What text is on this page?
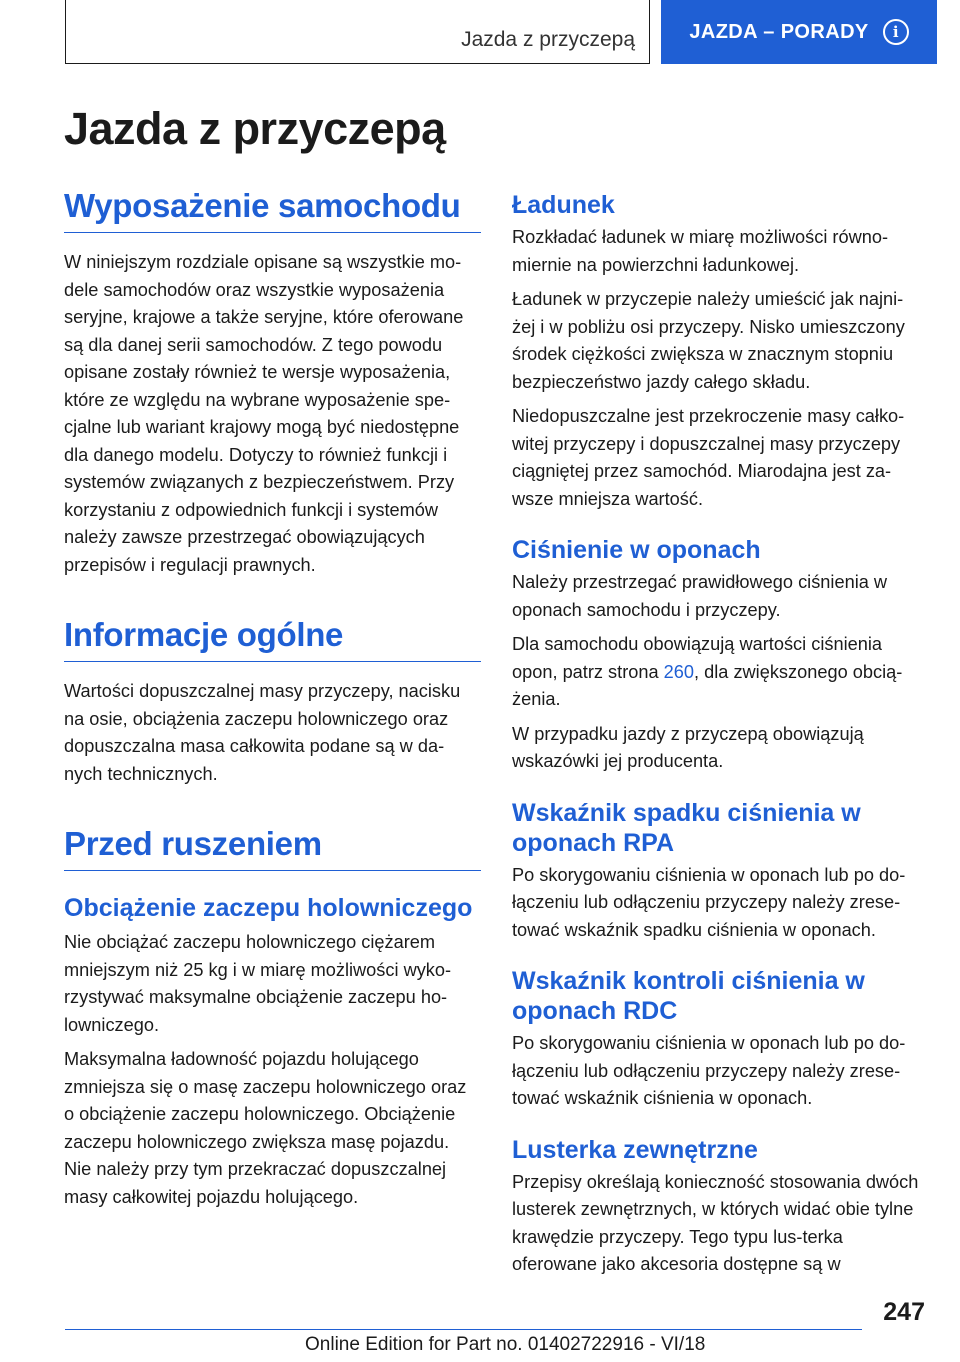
Jazda z przyczepą	JAZDA – PORADY	i
Jazda z przyczepą
Wyposażenie samochodu

W niniejszym rozdziale opisane są wszystkie mo-dele samochodów oraz wszystkie wyposażenia seryjne, krajowe a także seryjne, które oferowane są dla danej serii samochodów. Z tego powodu opisane zostały również te wersje wyposażenia, które ze względu na wybrane wyposażenie spe-cjalne lub wariant krajowy mogą być niedostępne dla danego modelu. Dotyczy to również funkcji i systemów związanych z bezpieczeństwem. Przy korzystaniu z odpowiednich funkcji i systemów należy zawsze przestrzegać obowiązujących przepisów i regulacji prawnych.

Informacje ogólne

Wartości dopuszczalnej masy przyczepy, nacisku na osie, obciążenia zaczepu holowniczego oraz dopuszczalna masa całkowita podane są w da-nych technicznych.

Przed ruszeniem
Obciążenie zaczepu holowniczego

Nie obciążać zaczepu holowniczego ciężarem mniejszym niż 25 kg i w miarę możliwości wyko-rzystywać maksymalne obciążenie zaczepu ho-lowniczego.

Maksymalna ładowność pojazdu holującego zmniejsza się o masę zaczepu holowniczego oraz o obciążenie zaczepu holowniczego. Obciążenie zaczepu holowniczego zwiększa masę pojazdu. Nie należy przy tym przekraczać dopuszczalnej masy całkowitej pojazdu holującego.

Ładunek

Rozkładać ładunek w miarę możliwości równo-miernie na powierzchni ładunkowej.

Ładunek w przyczepie należy umieścić jak najni-żej i w pobliżu osi przyczepy. Nisko umieszczony środek ciężkości zwiększa w znacznym stopniu bezpieczeństwo jazdy całego składu.

Niedopuszczalne jest przekroczenie masy całko-witej przyczepy i dopuszczalnej masy przyczepy ciągniętej przez samochód. Miarodajna jest za-wsze mniejsza wartość.

Ciśnienie w oponach

Należy przestrzegać prawidłowego ciśnienia w oponach samochodu i przyczepy.

Dla samochodu obowiązują wartości ciśnienia opon, patrz strona 260, dla zwiększonego obcią-żenia.

W przypadku jazdy z przyczepą obowiązują wskazówki jej producenta.

Wskaźnik spadku ciśnienia w oponach RPA

Po skorygowaniu ciśnienia w oponach lub po do-łączeniu lub odłączeniu przyczepy należy zrese-tować wskaźnik spadku ciśnienia w oponach.

Wskaźnik kontroli ciśnienia w oponach RDC

Po skorygowaniu ciśnienia w oponach lub po do-łączeniu lub odłączeniu przyczepy należy zrese-tować wskaźnik ciśnienia w oponach.

Lusterka zewnętrzne

Przepisy określają konieczność stosowania dwóch lusterek zewnętrznych, w których widać obie tylne krawędzie przyczepy. Tego typu lus-terka oferowane jako akcesoria dostępne są w

247
Online Edition for Part no. 01402722916 - VI/18
